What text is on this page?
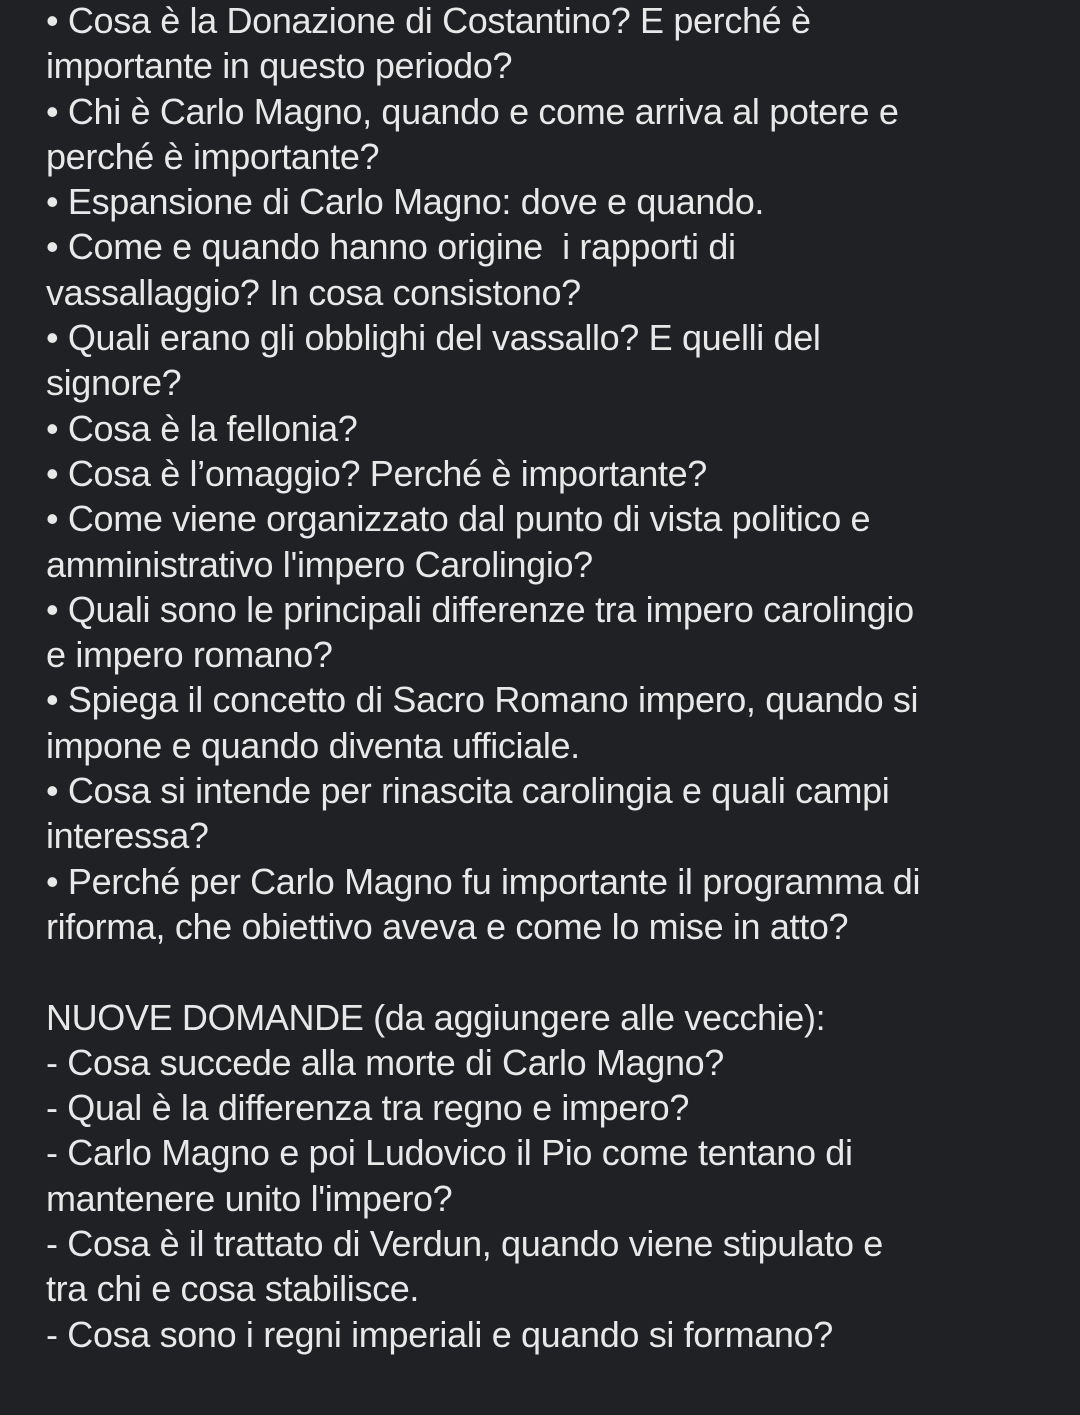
• Cosa è la Donazione di Costantino? E perché è
importante in questo periodo?
• Chi è Carlo Magno, quando e come arriva al potere e
perché è importante?
• Espansione di Carlo Magno: dove e quando.
• Come e quando hanno origine  i rapporti di
vassallaggio? In cosa consistono?
• Quali erano gli obblighi del vassallo? E quelli del
signore?
• Cosa è la fellonia?
• Cosa è l’omaggio? Perché è importante?
• Come viene organizzato dal punto di vista politico e
amministrativo l'impero Carolingio?
• Quali sono le principali differenze tra impero carolingio
e impero romano?
• Spiega il concetto di Sacro Romano impero, quando si
impone e quando diventa ufficiale.
• Cosa si intende per rinascita carolingia e quali campi
interessa?
• Perché per Carlo Magno fu importante il programma di
riforma, che obiettivo aveva e come lo mise in atto?
NUOVE DOMANDE (da aggiungere alle vecchie):
- Cosa succede alla morte di Carlo Magno?
- Qual è la differenza tra regno e impero?
- Carlo Magno e poi Ludovico il Pio come tentano di
mantenere unito l'impero?
- Cosa è il trattato di Verdun, quando viene stipulato e
tra chi e cosa stabilisce.
- Cosa sono i regni imperiali e quando si formano?
